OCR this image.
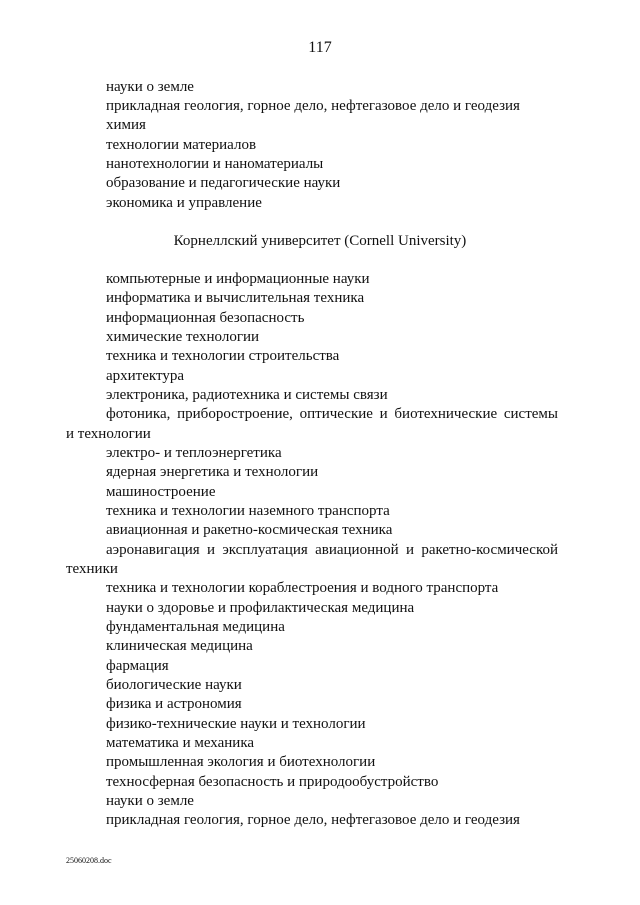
117
науки о земле
прикладная геология, горное дело, нефтегазовое дело и геодезия
химия
технологии материалов
нанотехнологии и наноматериалы
образование и педагогические науки
экономика и управление
Корнеллский университет (Cornell University)
компьютерные и информационные науки
информатика и вычислительная техника
информационная безопасность
химические технологии
техника и технологии строительства
архитектура
электроника, радиотехника и системы связи
фотоника, приборостроение, оптические и биотехнические системы
и технологии
электро- и теплоэнергетика
ядерная энергетика и технологии
машиностроение
техника и технологии наземного транспорта
авиационная и ракетно-космическая техника
аэронавигация и эксплуатация авиационной и ракетно-космической
техники
техника и технологии кораблестроения и водного транспорта
науки о здоровье и профилактическая медицина
фундаментальная медицина
клиническая медицина
фармация
биологические науки
физика и астрономия
физико-технические науки и технологии
математика и механика
промышленная экология и биотехнологии
техносферная безопасность и природообустройство
науки о земле
прикладная геология, горное дело, нефтегазовое дело и геодезия
25060208.doc
